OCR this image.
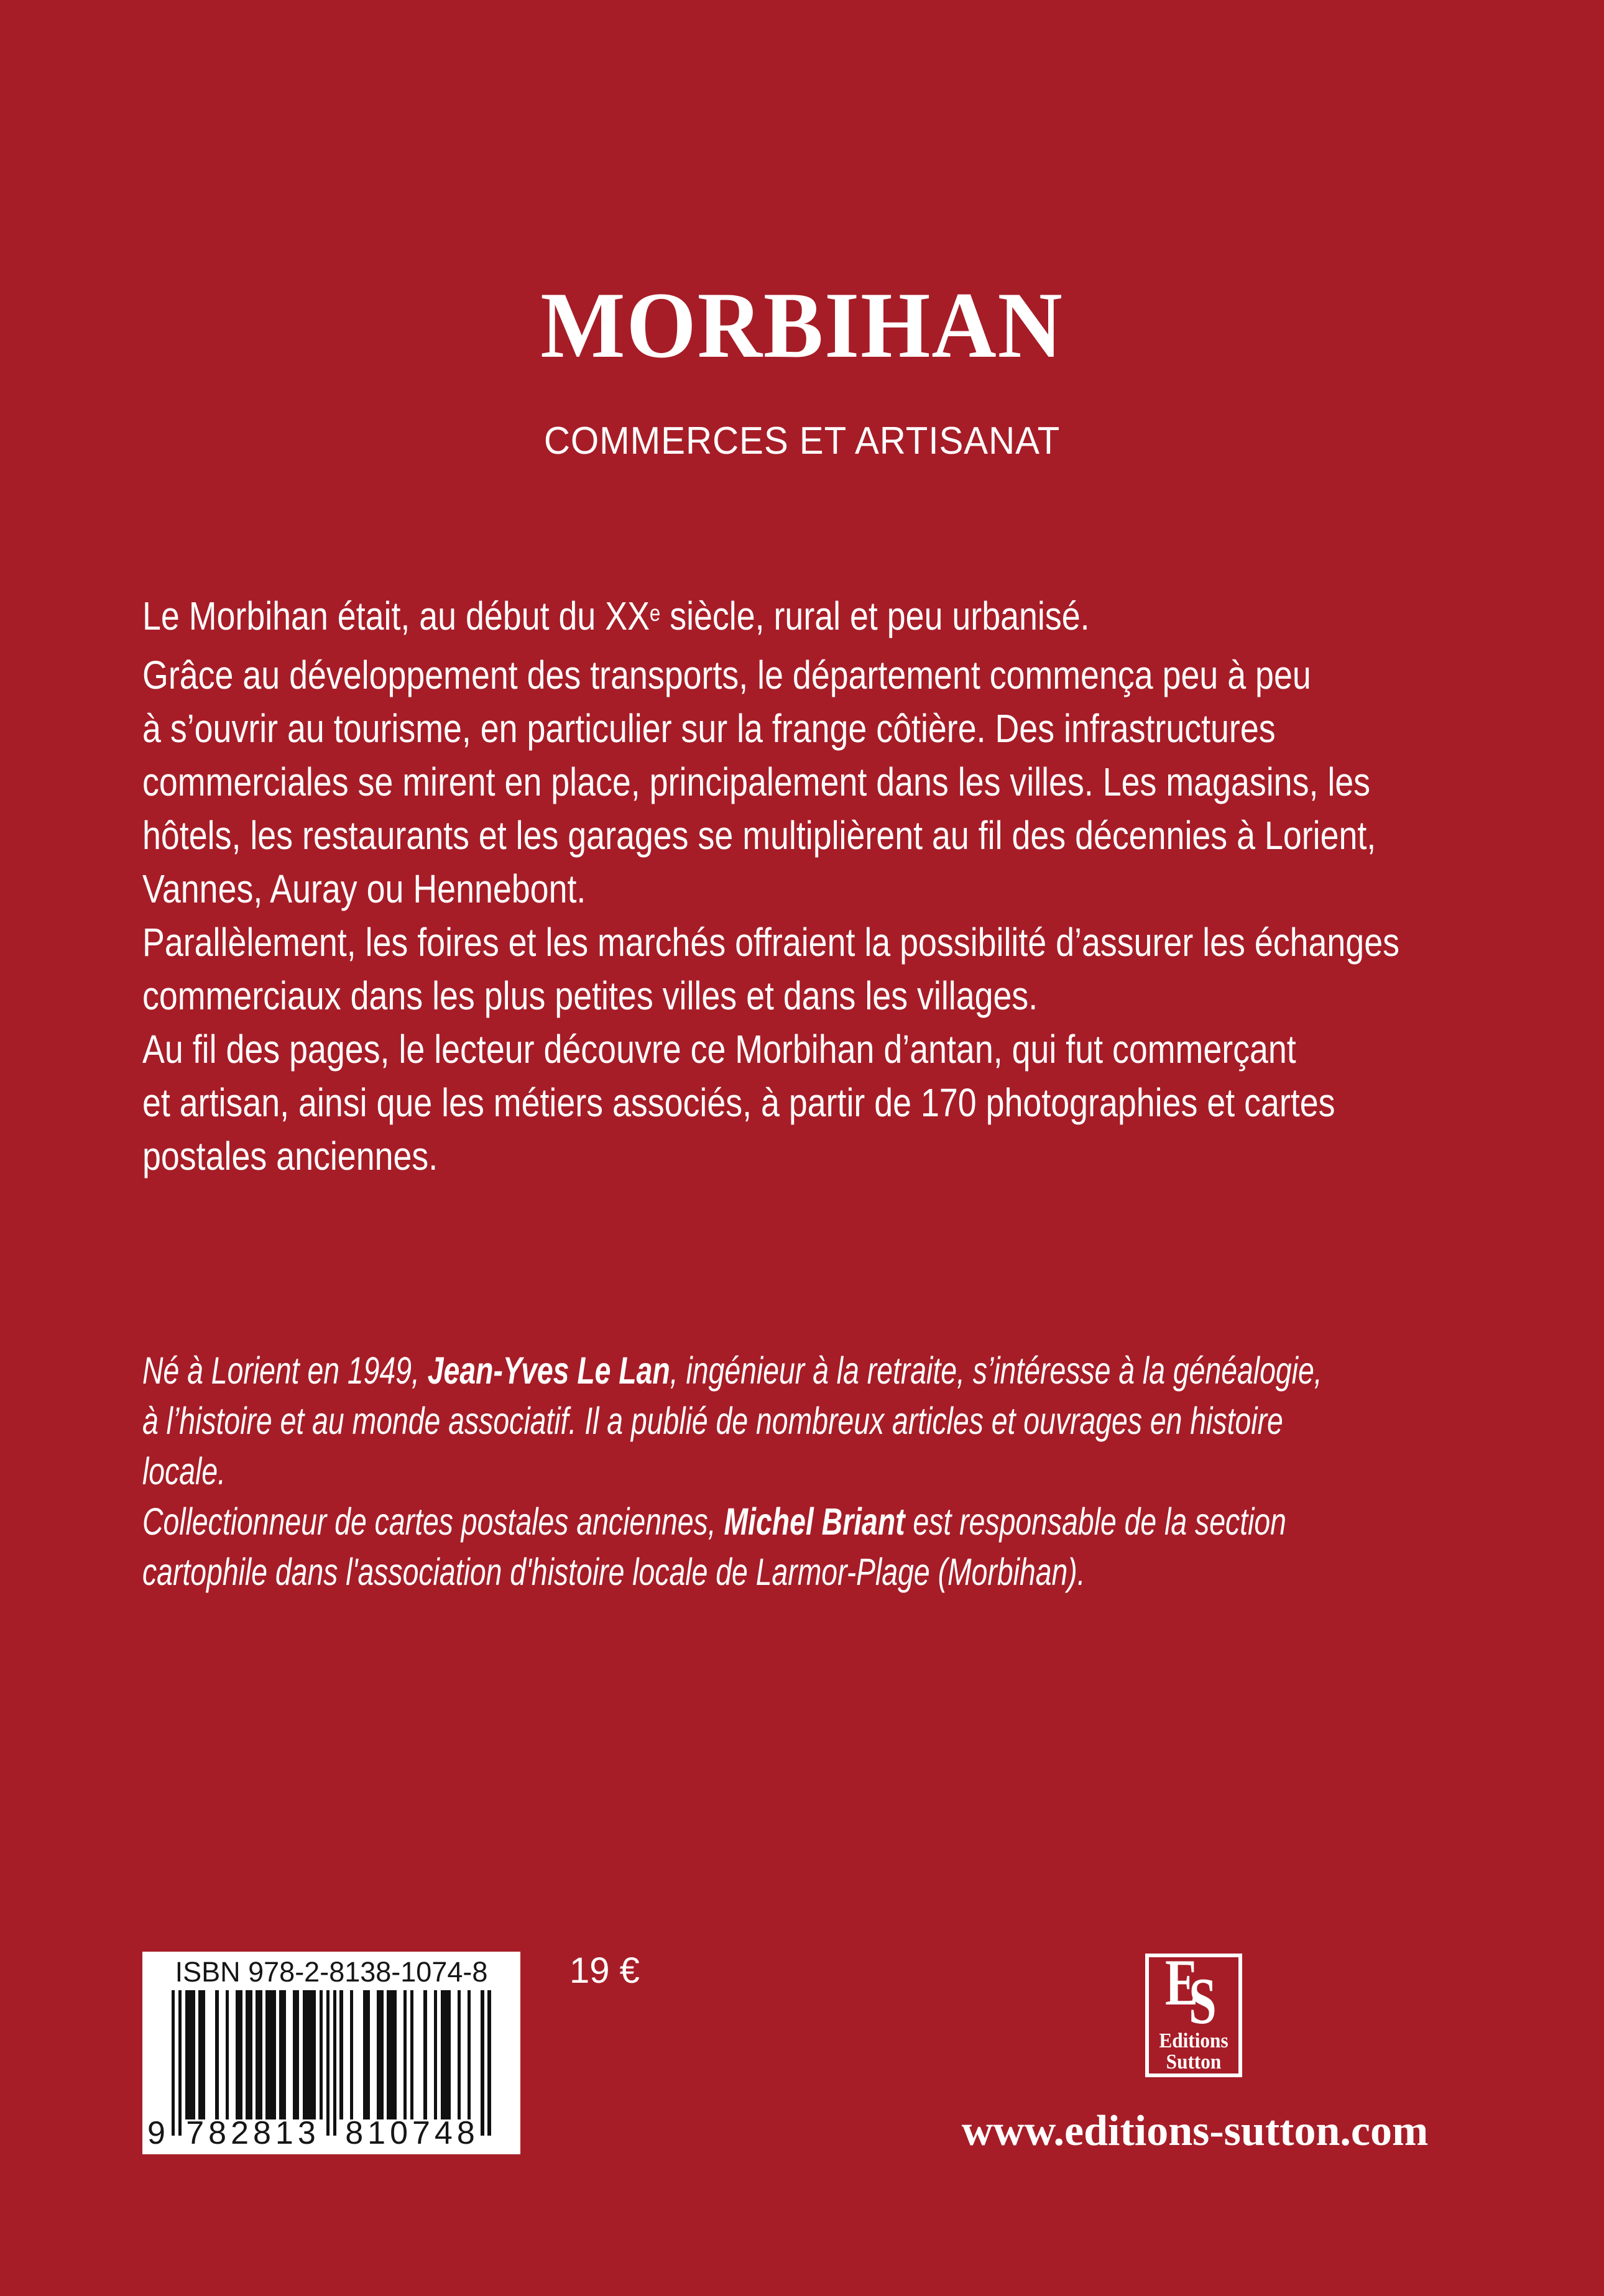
MORBIHAN
COMMERCES ET ARTISANAT
Le Morbihan était, au début du XXe siècle, rural et peu urbanisé.
Grâce au développement des transports, le département commença peu à peu
à s’ouvrir au tourisme, en particulier sur la frange côtière. Des infrastructures
commerciales se mirent en place, principalement dans les villes. Les magasins, les
hôtels, les restaurants et les garages se multiplièrent au fil des décennies à Lorient,
Vannes, Auray ou Hennebont.
Parallèlement, les foires et les marchés offraient la possibilité d’assurer les échanges
commerciaux dans les plus petites villes et dans les villages.
Au fil des pages, le lecteur découvre ce Morbihan d’antan, qui fut commerçant
et artisan, ainsi que les métiers associés, à partir de 170 photographies et cartes
postales anciennes.
Né à Lorient en 1949, Jean-Yves Le Lan, ingénieur à la retraite, s’intéresse à la généalogie,
à l’histoire et au monde associatif. Il a publié de nombreux articles et ouvrages en histoire
locale.
Collectionneur de cartes postales anciennes, Michel Briant est responsable de la section
cartophile dans l'association d'histoire locale de Larmor-Plage (Morbihan).
ISBN 978-2-8138-1074-8
9 782813 810748
19 €	E
S
Editions
Sutton
www.editions-sutton.com
